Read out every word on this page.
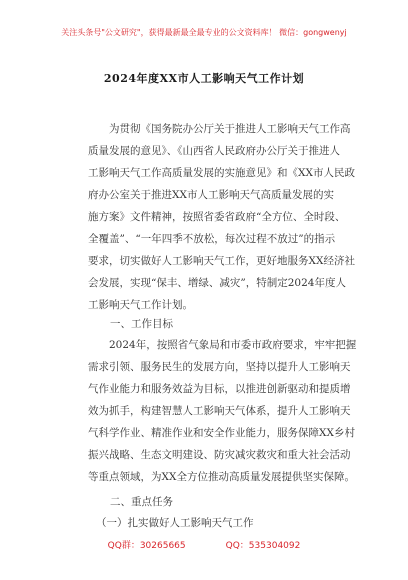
关注头条号"公文研究"，获得最新最全最专业的公文资料库！ 微信：gongwenyj
2024年度XX市人工影响天气工作计划
为贯彻《国务院办公厅关于推进人工影响天气工作高
质量发展的意见》、《山西省人民政府办公厅关于推进人
工影响天气工作高质量发展的实施意见》和《XX市人民政
府办公室关于推进XX市人工影响天气高质量发展的实
施方案》文件精神，按照省委省政府“全方位、全时段、
全覆盖”、“一年四季不放松，每次过程不放过”的指示
要求，切实做好人工影响天气工作，更好地服务XX经济社
会发展，实现“保丰、增绿、减灾”，特制定2024年度人
工影响天气工作计划。
一、工作目标
2024年，按照省气象局和市委市政府要求，牢牢把握
需求引领、服务民生的发展方向，坚持以提升人工影响天
气作业能力和服务效益为目标，以推进创新驱动和提质增
效为抓手，构建智慧人工影响天气体系，提升人工影响天
气科学作业、精准作业和安全作业能力，服务保障XX乡村
振兴战略、生态文明建设、防灾减灾救灾和重大社会活动
等重点领域，为XX全方位推动高质量发展提供坚实保障。
二、重点任务
（一）扎实做好人工影响天气工作
QQ群：30265665	QQ：535304092
